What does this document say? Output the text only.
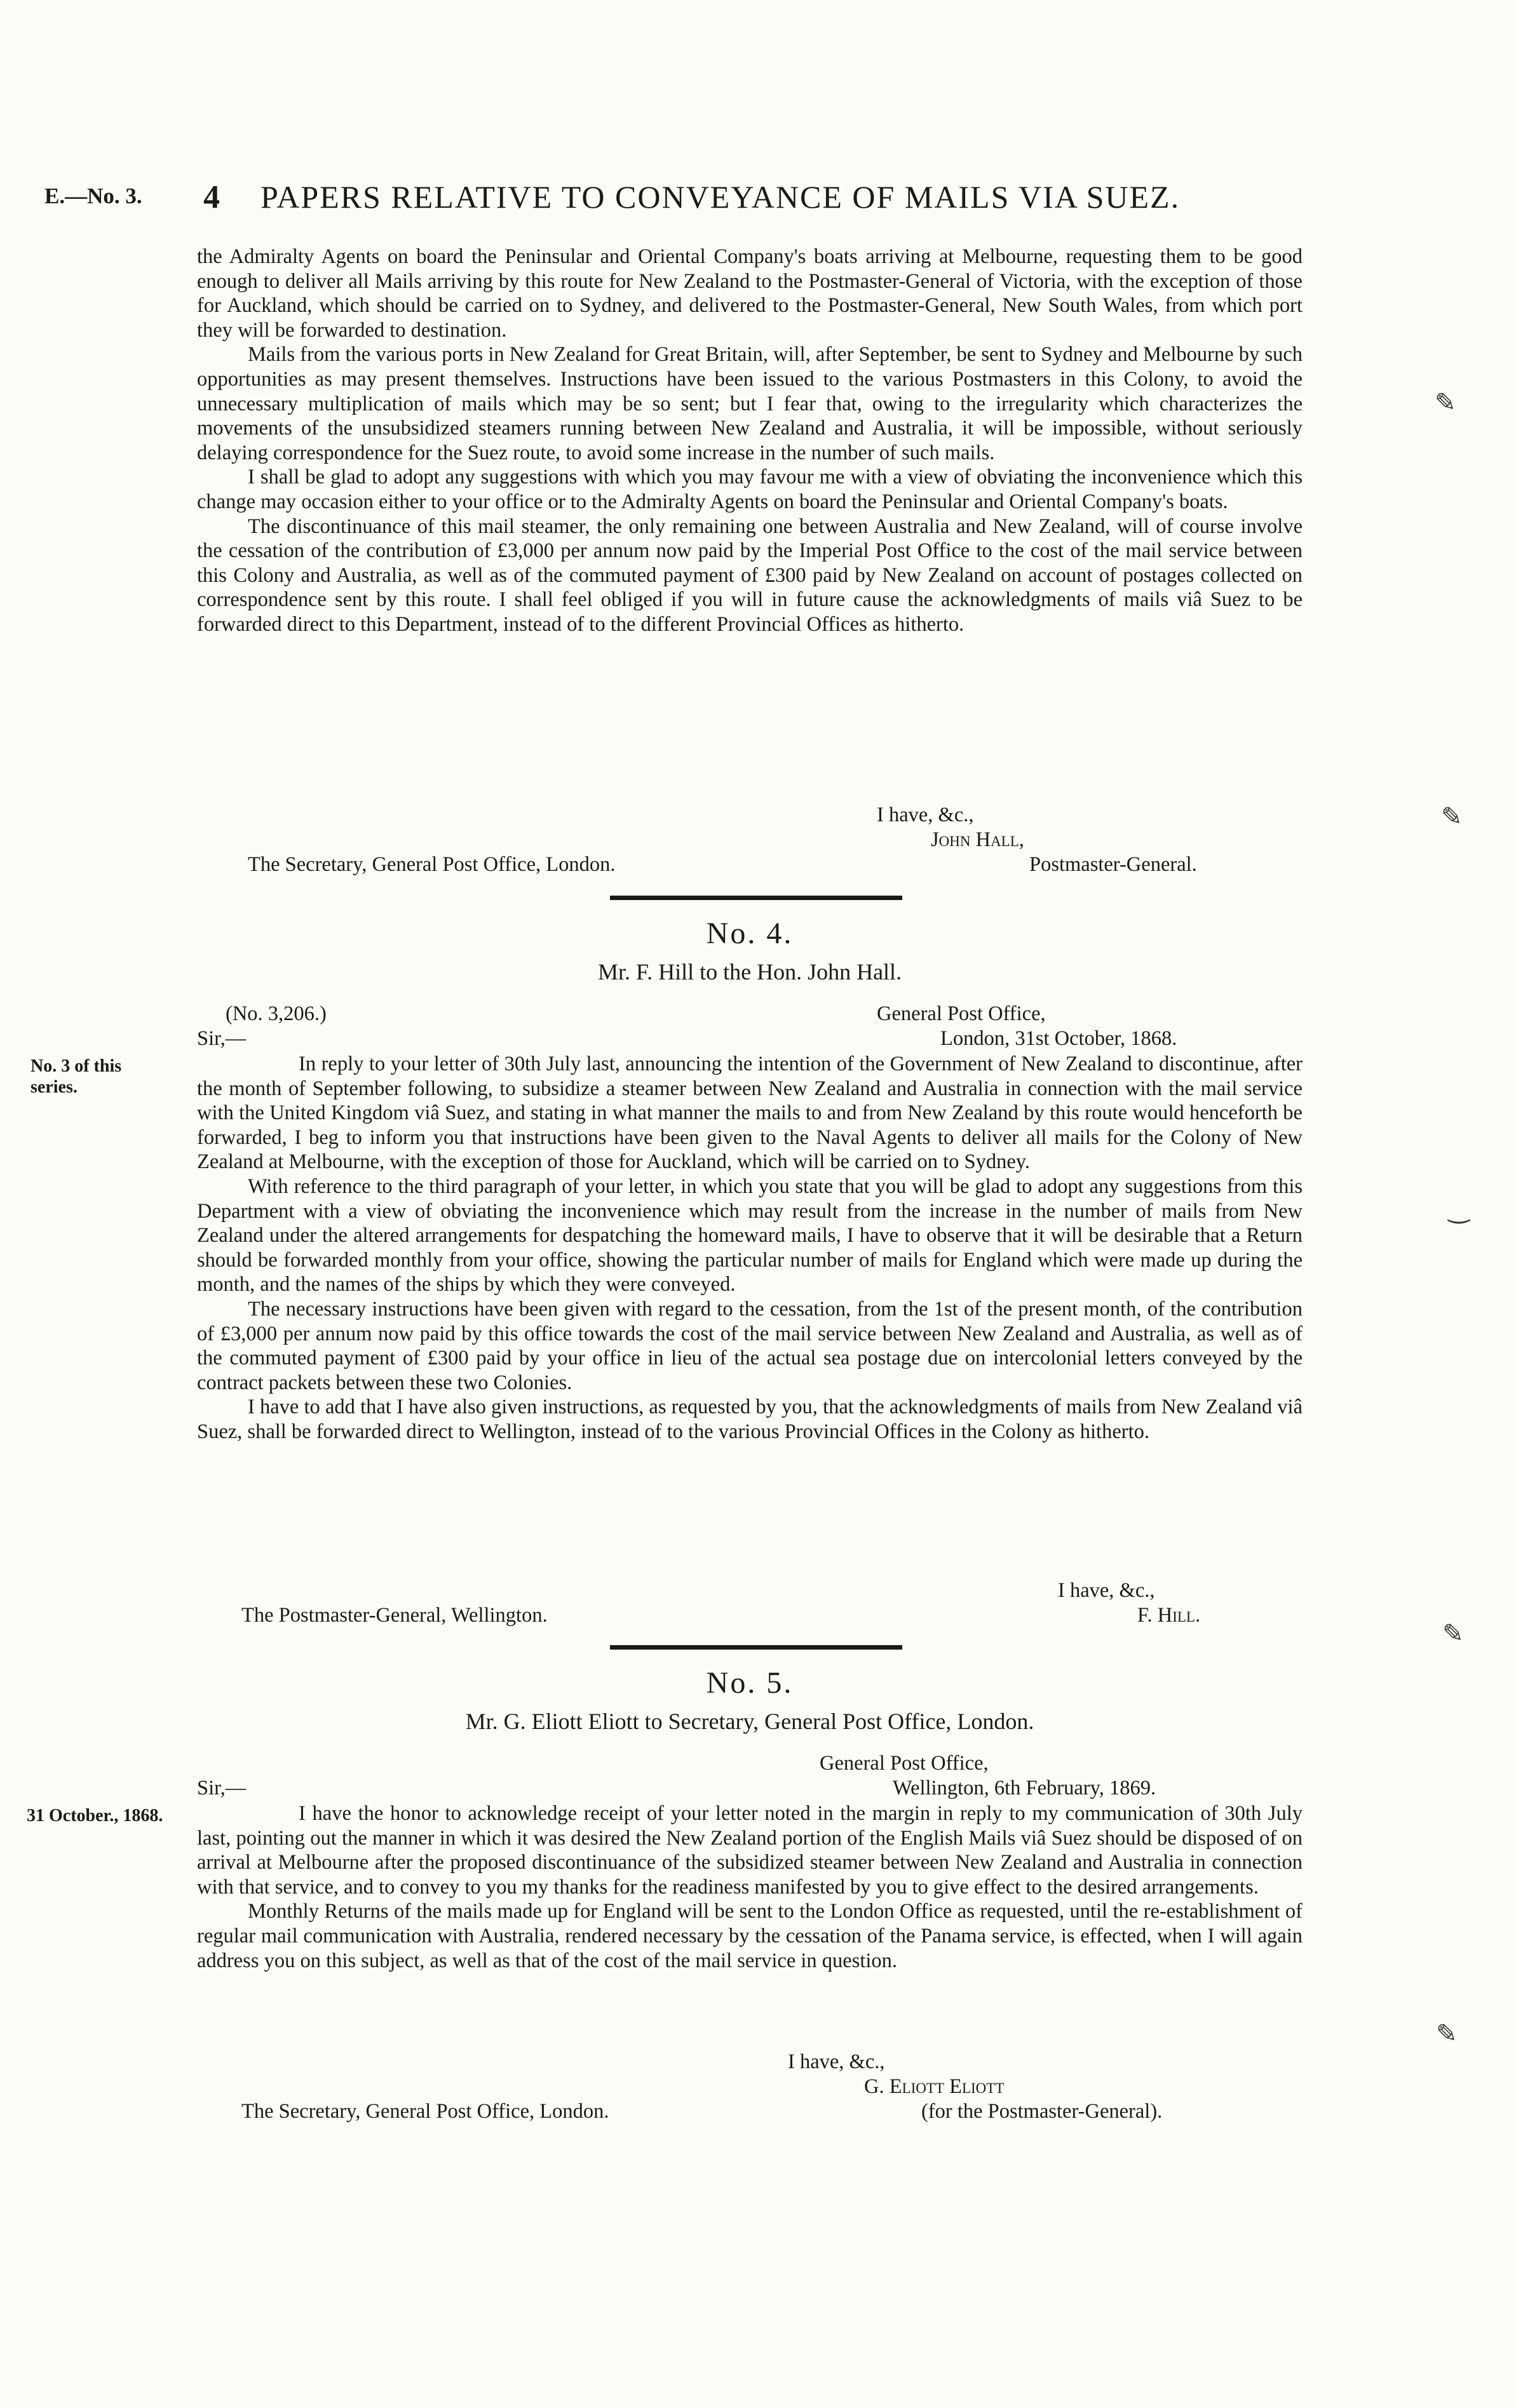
E.—No. 3. 4 PAPERS RELATIVE TO CONVEYANCE OF MAILS VIA SUEZ.

the Admiralty Agents on board the Peninsular and Oriental Company's boats arriving at Melbourne, requesting them to be good enough to deliver all Mails arriving by this route for New Zealand to the Postmaster-General of Victoria, with the exception of those for Auckland, which should be carried on to Sydney, and delivered to the Postmaster-General, New South Wales, from which port they will be forwarded to destination.

Mails from the various ports in New Zealand for Great Britain, will, after September, be sent to Sydney and Melbourne by such opportunities as may present themselves. Instructions have been issued to the various Postmasters in this Colony, to avoid the unnecessary multiplication of mails which may be so sent; but I fear that, owing to the irregularity which characterizes the movements of the unsubsidized steamers running between New Zealand and Australia, it will be impossible, without seriously delaying correspondence for the Suez route, to avoid some increase in the number of such mails.

I shall be glad to adopt any suggestions with which you may favour me with a view of obviating the inconvenience which this change may occasion either to your office or to the Admiralty Agents on board the Peninsular and Oriental Company's boats.

The discontinuance of this mail steamer, the only remaining one between Australia and New Zealand, will of course involve the cessation of the contribution of £3,000 per annum now paid by the Imperial Post Office to the cost of the mail service between this Colony and Australia, as well as of the commuted payment of £300 paid by New Zealand on account of postages collected on correspondence sent by this route. I shall feel obliged if you will in future cause the acknowledgments of mails viâ Suez to be forwarded direct to this Department, instead of to the different Provincial Offices as hitherto.

I have, &c.,
John Hall,
The Secretary, General Post Office, London.	Postmaster-General.
No. 4.
Mr. F. Hill to the Hon. John Hall.
(No. 3,206.)	General Post Office,
Sir,—	London, 31st October, 1868.
No. 3 of this series.

In reply to your letter of 30th July last, announcing the intention of the Government of New Zealand to discontinue, after the month of September following, to subsidize a steamer between New Zealand and Australia in connection with the mail service with the United Kingdom viâ Suez, and stating in what manner the mails to and from New Zealand by this route would henceforth be forwarded, I beg to inform you that instructions have been given to the Naval Agents to deliver all mails for the Colony of New Zealand at Melbourne, with the exception of those for Auckland, which will be carried on to Sydney.

With reference to the third paragraph of your letter, in which you state that you will be glad to adopt any suggestions from this Department with a view of obviating the inconvenience which may result from the increase in the number of mails from New Zealand under the altered arrangements for despatching the homeward mails, I have to observe that it will be desirable that a Return should be forwarded monthly from your office, showing the particular number of mails for England which were made up during the month, and the names of the ships by which they were conveyed.

The necessary instructions have been given with regard to the cessation, from the 1st of the present month, of the contribution of £3,000 per annum now paid by this office towards the cost of the mail service between New Zealand and Australia, as well as of the commuted payment of £300 paid by your office in lieu of the actual sea postage due on intercolonial letters conveyed by the contract packets between these two Colonies.

I have to add that I have also given instructions, as requested by you, that the acknowledgments of mails from New Zealand viâ Suez, shall be forwarded direct to Wellington, instead of to the various Provincial Offices in the Colony as hitherto.

I have, &c.,
The Postmaster-General, Wellington.	F. Hill.
No. 5.
Mr. G. Eliott Eliott to Secretary, General Post Office, London.
General Post Office,
Sir,—	Wellington, 6th February, 1869.
31 October., 1868.	I have the honor to acknowledge receipt of your letter noted in the margin in reply to my communication of 30th July last, pointing out the manner in which it was desired the New Zealand portion of the English Mails viâ Suez should be disposed of on arrival at Melbourne after the proposed discontinuance of the subsidized steamer between New Zealand and Australia in connection with that service, and to convey to you my thanks for the readiness manifested by you to give effect to the desired arrangements.

Monthly Returns of the mails made up for England will be sent to the London Office as requested, until the re-establishment of regular mail communication with Australia, rendered necessary by the cessation of the Panama service, is effected, when I will again address you on this subject, as well as that of the cost of the mail service in question.

I have, &c.,
G. Eliott Eliott
The Secretary, General Post Office, London.	(for the Postmaster-General).
✎
✎
‿
✎
✎
